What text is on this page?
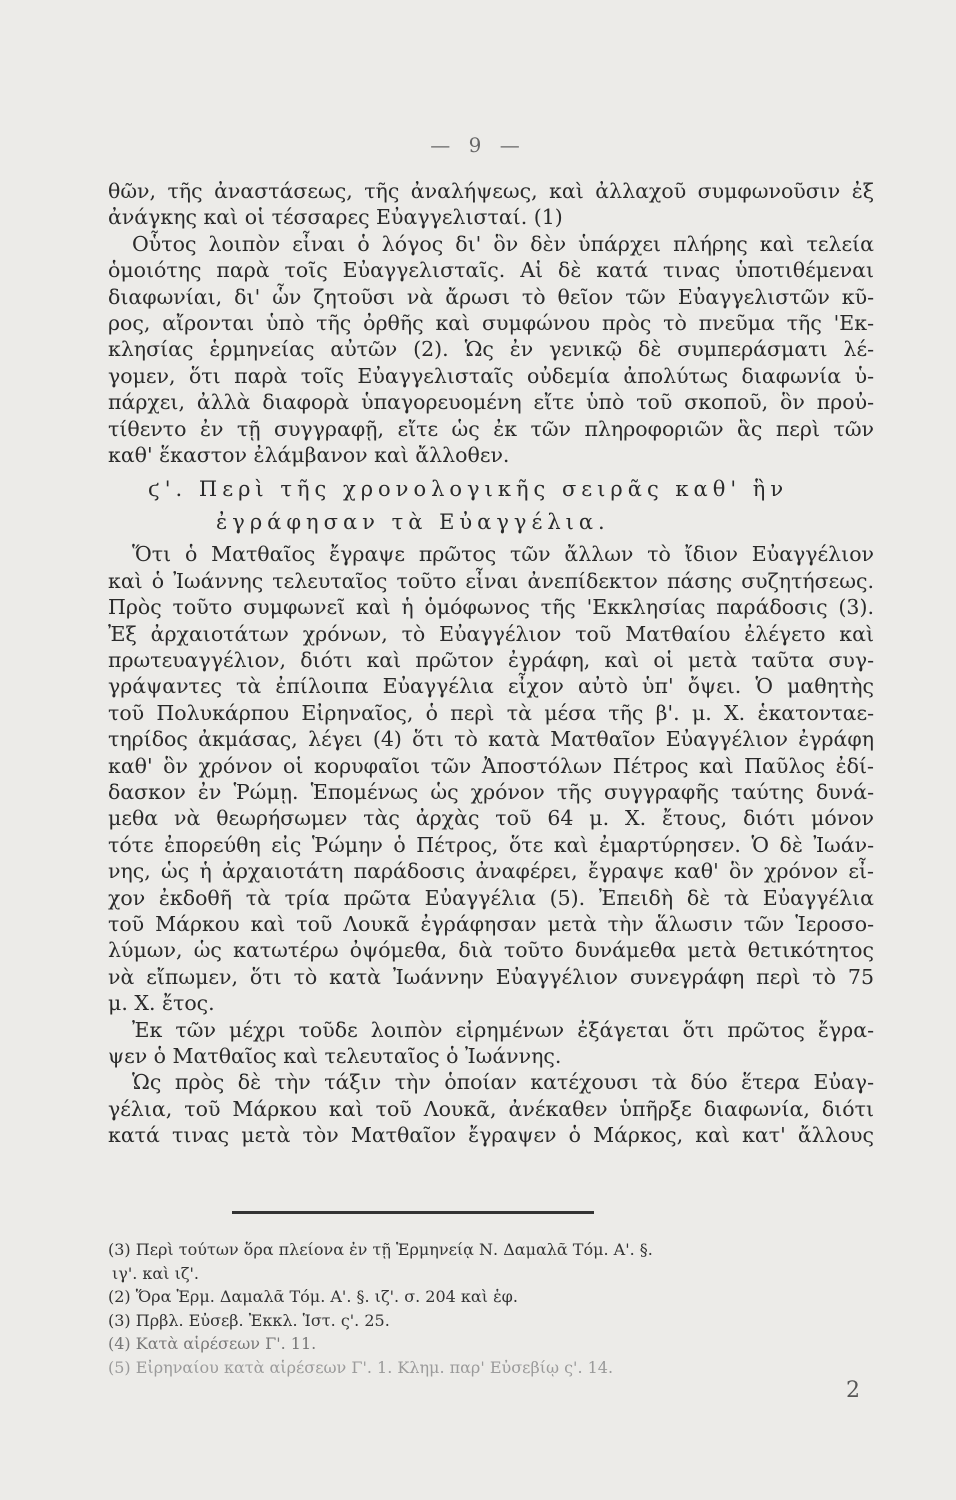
— 9 —
θῶν, τῆς ἀναστάσεως, τῆς ἀναλήψεως, καὶ ἀλλαχοῦ συμφωνοῦσιν ἐξ
ἀνάγκης καὶ οἱ τέσσαρες Εὐαγγελισταί. (1)
Οὗτος λοιπὸν εἶναι ὁ λόγος δι' ὃν δὲν ὑπάρχει πλήρης καὶ τελεία
ὁμοιότης παρὰ τοῖς Εὐαγγελισταῖς. Αἱ δὲ κατά τινας ὑποτιθέμεναι
διαφωνίαι, δι' ὧν ζητοῦσι νὰ ἄρωσι τὸ θεῖον τῶν Εὐαγγελιστῶν κῦ-
ρος, αἴρονται ὑπὸ τῆς ὀρθῆς καὶ συμφώνου πρὸς τὸ πνεῦμα τῆς 'Εκ-
κλησίας ἑρμηνείας αὐτῶν (2). Ὡς ἐν γενικῷ δὲ συμπεράσματι λέ-
γομεν, ὅτι παρὰ τοῖς Εὐαγγελισταῖς οὐδεμία ἀπολύτως διαφωνία ὑ-
πάρχει, ἀλλὰ διαφορὰ ὑπαγορευομένη εἴτε ὑπὸ τοῦ σκοποῦ, ὃν προὐ-
τίθεντο ἐν τῇ συγγραφῇ, εἴτε ὡς ἐκ τῶν πληροφοριῶν ἃς περὶ τῶν
καθ' ἕκαστον ἐλάμβανον καὶ ἄλλοθεν.
ϛ'. Περὶ τῆς χρονολογικῆς σειρᾶς καθ' ἣν
ἐγράφησαν τὰ Εὐαγγέλια.
Ὅτι ὁ Ματθαῖος ἔγραψε πρῶτος τῶν ἄλλων τὸ ἴδιον Εὐαγγέλιον
καὶ ὁ Ἰωάννης τελευταῖος τοῦτο εἶναι ἀνεπίδεκτον πάσης συζητήσεως.
Πρὸς τοῦτο συμφωνεῖ καὶ ἡ ὁμόφωνος τῆς 'Εκκλησίας παράδοσις (3).
Ἐξ ἀρχαιοτάτων χρόνων, τὸ Εὐαγγέλιον τοῦ Ματθαίου ἐλέγετο καὶ
πρωτευαγγέλιον, διότι καὶ πρῶτον ἐγράφη, καὶ οἱ μετὰ ταῦτα συγ-
γράψαντες τὰ ἐπίλοιπα Εὐαγγέλια εἶχον αὐτὸ ὑπ' ὄψει. Ὁ μαθητὴς
τοῦ Πολυκάρπου Εἰρηναῖος, ὁ περὶ τὰ μέσα τῆς β'. μ. Χ. ἑκατονταε-
τηρίδος ἀκμάσας, λέγει (4) ὅτι τὸ κατὰ Ματθαῖον Εὐαγγέλιον ἐγράφη
καθ' ὃν χρόνον οἱ κορυφαῖοι τῶν Ἀποστόλων Πέτρος καὶ Παῦλος ἐδί-
δασκον ἐν Ῥώμῃ. Ἑπομένως ὡς χρόνον τῆς συγγραφῆς ταύτης δυνά-
μεθα νὰ θεωρήσωμεν τὰς ἀρχὰς τοῦ 64 μ. Χ. ἔτους, διότι μόνον
τότε ἐπορεύθη εἰς Ῥώμην ὁ Πέτρος, ὅτε καὶ ἐμαρτύρησεν. Ὁ δὲ Ἰωάν-
νης, ὡς ἡ ἀρχαιοτάτη παράδοσις ἀναφέρει, ἔγραψε καθ' ὃν χρόνον εἶ-
χον ἐκδοθῆ τὰ τρία πρῶτα Εὐαγγέλια (5). Ἐπειδὴ δὲ τὰ Εὐαγγέλια
τοῦ Μάρκου καὶ τοῦ Λουκᾶ ἐγράφησαν μετὰ τὴν ἅλωσιν τῶν Ἱεροσο-
λύμων, ὡς κατωτέρω ὀψόμεθα, διὰ τοῦτο δυνάμεθα μετὰ θετικότητος
νὰ εἴπωμεν, ὅτι τὸ κατὰ Ἰωάννην Εὐαγγέλιον συνεγράφη περὶ τὸ 75
μ. Χ. ἔτος.
Ἐκ τῶν μέχρι τοῦδε λοιπὸν εἰρημένων ἐξάγεται ὅτι πρῶτος ἔγρα-
ψεν ὁ Ματθαῖος καὶ τελευταῖος ὁ Ἰωάννης.
Ὡς πρὸς δὲ τὴν τάξιν τὴν ὁποίαν κατέχουσι τὰ δύο ἕτερα Εὐαγ-
γέλια, τοῦ Μάρκου καὶ τοῦ Λουκᾶ, ἀνέκαθεν ὑπῆρξε διαφωνία, διότι
κατά τινας μετὰ τὸν Ματθαῖον ἔγραψεν ὁ Μάρκος, καὶ κατ' ἄλλους
(3) Περὶ τούτων ὅρα πλείονα ἐν τῇ Ἑρμηνείᾳ Ν. Δαμαλᾶ Τόμ. Α'. §.
ιγ'. καὶ ιζ'.
(2) Ὅρα Ἑρμ. Δαμαλᾶ Τόμ. Α'. §. ιζ'. σ. 204 καὶ ἑφ.
(3) Πρβλ. Εὐσεβ. Ἐκκλ. Ἱστ. ς'. 25.
(4) Κατὰ αἱρέσεων Γ'. 11.
(5) Εἰρηναίου κατὰ αἱρέσεων Γ'. 1. Κλημ. παρ' Εὐσεβίῳ ς'. 14.
2
